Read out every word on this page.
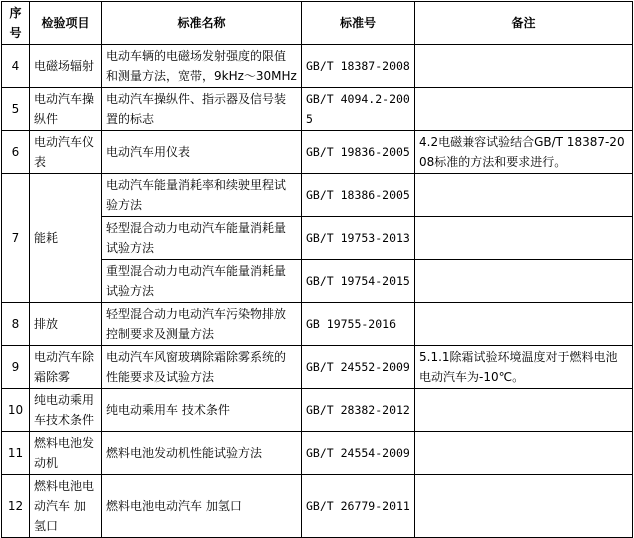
序号	检验项目	标准名称	标准号	备注
4	电磁场辐射	电动车辆的电磁场发射强度的限值和测量方法，宽带，9kHz～30MHz	GB/T 18387-2008	
5	电动汽车操纵件	电动汽车操纵件、指示器及信号装置的标志	GB/T 4094.2-2005	
6	电动汽车仪表	电动汽车用仪表	GB/T 19836-2005	4.2电磁兼容试验结合GB/T 18387-2008标准的方法和要求进行。
7	能耗	电动汽车能量消耗率和续驶里程试验方法	GB/T 18386-2005	
		轻型混合动力电动汽车能量消耗量试验方法	GB/T 19753-2013	
		重型混合动力电动汽车能量消耗量试验方法	GB/T 19754-2015	
8	排放	轻型混合动力电动汽车污染物排放控制要求及测量方法	GB 19755-2016	
9	电动汽车除霜除雾	电动汽车风窗玻璃除霜除雾系统的性能要求及试验方法	GB/T 24552-2009	5.1.1除霜试验环境温度对于燃料电池电动汽车为-10℃。
10	纯电动乘用车技术条件	纯电动乘用车 技术条件	GB/T 28382-2012	
11	燃料电池发动机	燃料电池发动机性能试验方法	GB/T 24554-2009	
12	燃料电池电动汽车 加氢口	燃料电池电动汽车 加氢口	GB/T 26779-2011	
